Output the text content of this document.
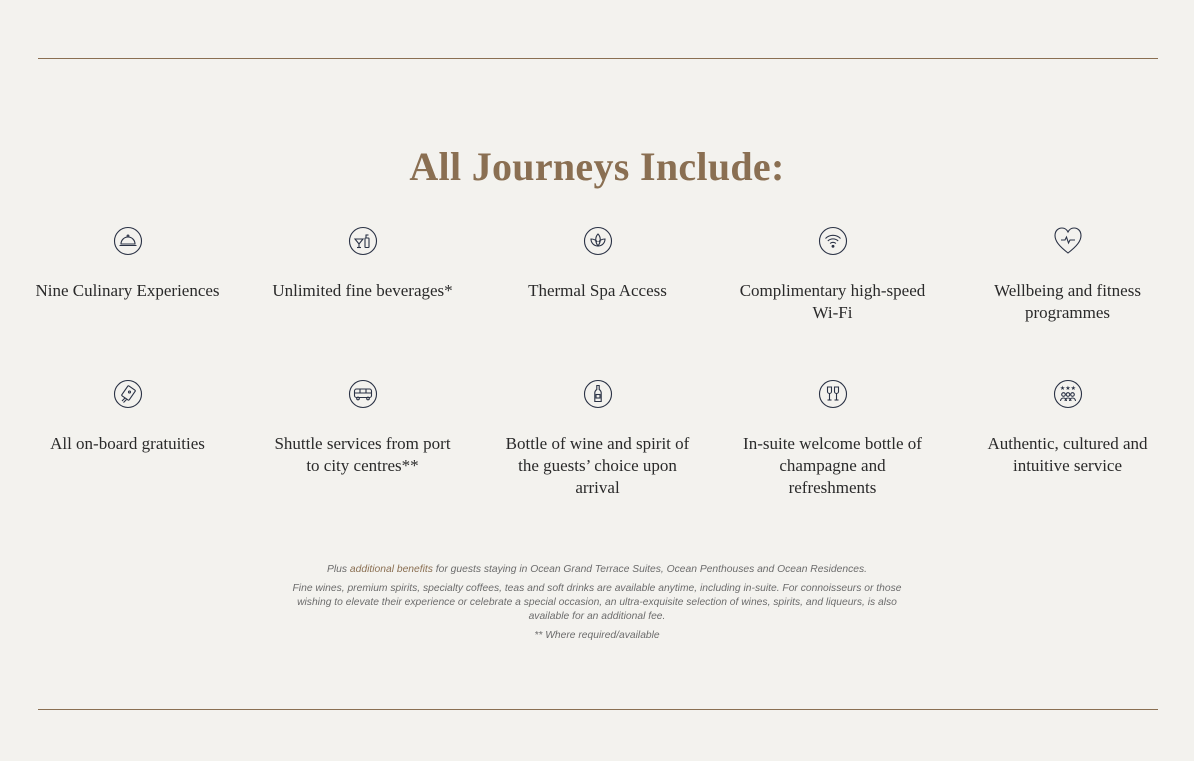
All Journeys Include:
Nine Culinary Experiences	Unlimited fine beverages*	Thermal Spa Access	Complimentary high-speed Wi-Fi
Wellbeing and fitness programmes
All on-board gratuities	Shuttle services from port to city centres**
Bottle of wine and spirit of the guests’ choice upon arrival
In-suite welcome bottle of champagne and refreshments
★★★
Authentic, cultured and intuitive service

Plus additional benefits for guests staying in Ocean Grand Terrace Suites, Ocean Penthouses and Ocean Residences.

Fine wines, premium spirits, specialty coffees, teas and soft drinks are available anytime, including in-suite. For connoisseurs or those wishing to elevate their experience or celebrate a special occasion, an ultra-exquisite selection of wines, spirits, and liqueurs, is also available for an additional fee.

** Where required/available
